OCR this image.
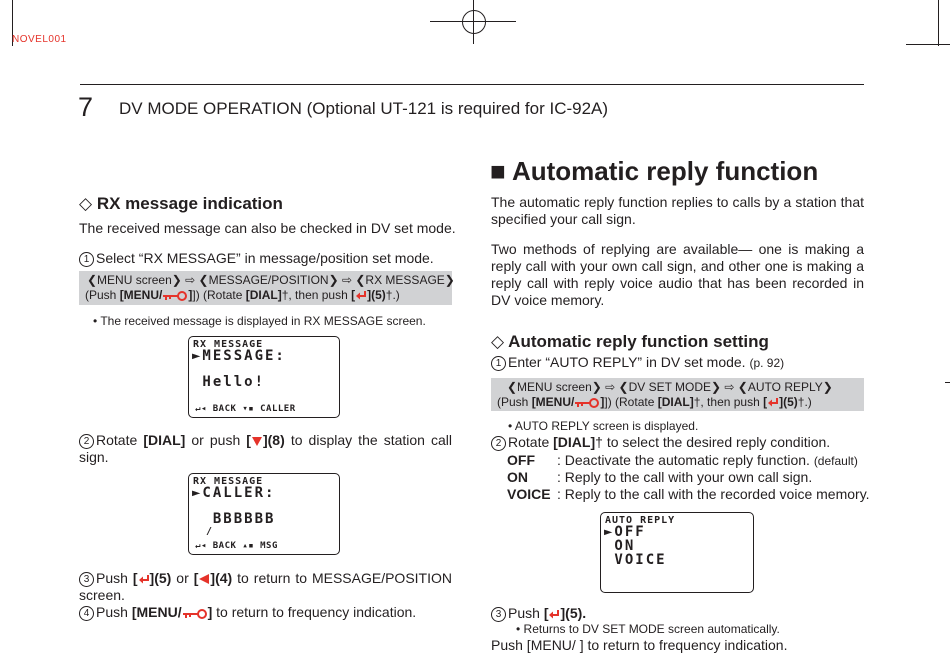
NOVEL001
7 DV MODE OPERATION (Optional UT-121 is required for IC-92A)
◇ RX message indication
The received message can also be checked in DV set mode.
1 Select “RX MESSAGE” in message/position set mode.
❮MENU screen❯ ⇨ ❮MESSAGE/POSITION❯ ⇨ ❮RX MESSAGE❯
(Push [MENU/ ]]) (Rotate [DIAL]†, then push [ ](5)†.)
• The received message is displayed in RX MESSAGE screen.
RX MESSAGE
►MESSAGE:
Hello!
↵◂ BACK ▾▪ CALLER
2 Rotate [DIAL] or push [ ](8) to display the station call sign.
RX MESSAGE
►CALLER:
BBBBBB
/
↵◂ BACK ▴▪ MSG
3 Push [ ](5) or [ ](4) to return to MESSAGE/POSITION screen.
4 Push [MENU/ ] to return to frequency indication.
■ Automatic reply function
The automatic reply function replies to calls by a station that specified your call sign.
Two methods of replying are available— one is making a reply call with your own call sign, and other one is making a reply call with reply voice audio that has been recorded in DV voice memory.
◇ Automatic reply function setting
1 Enter “AUTO REPLY” in DV set mode. (p. 92)
❮MENU screen❯ ⇨ ❮DV SET MODE❯ ⇨ ❮AUTO REPLY❯
(Push [MENU/ ]]) (Rotate [DIAL]†, then push [ ](5)†.)
• AUTO REPLY screen is displayed.
2 Rotate [DIAL]† to select the desired reply condition.
OFF : Deactivate the automatic reply function. (default)
ON : Reply to the call with your own call sign.
VOICE : Reply to the call with the recorded voice memory.
AUTO REPLY
►OFF
ON
VOICE
3 Push [ ](5).
• Returns to DV SET MODE screen automatically.
Push [MENU/ ] to return to frequency indication.
